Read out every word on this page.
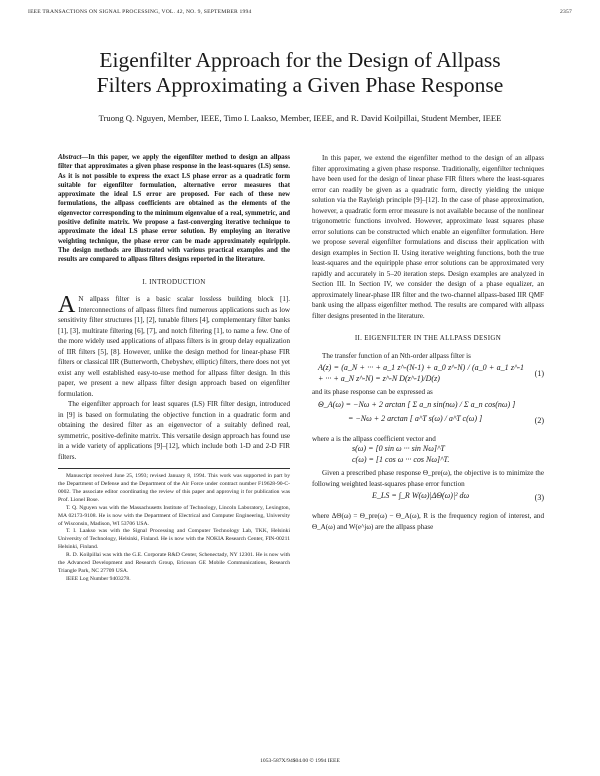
IEEE TRANSACTIONS ON SIGNAL PROCESSING, VOL. 42, NO. 9, SEPTEMBER 1994	2357
Eigenfilter Approach for the Design of Allpass
Filters Approximating a Given Phase Response
Truong Q. Nguyen, Member, IEEE, Timo I. Laakso, Member, IEEE, and R. David Koilpillai, Student Member, IEEE

Abstract—In this paper, we apply the eigenfilter method to design an allpass filter that approximates a given phase response in the least-squares (LS) sense. As it is not possible to express the exact LS phase error as a quadratic form suitable for eigenfilter formulation, alternative error measures that approximate the ideal LS error are proposed. For each of these new formulations, the allpass coefficients are obtained as the elements of the eigenvector corresponding to the minimum eigenvalue of a real, symmetric, and positive definite matrix. We propose a fast-converging iterative technique to approximate the ideal LS phase error solution. By employing an iterative weighting technique, the phase error can be made approximately equiripple. The design methods are illustrated with various practical examples and the results are compared to allpass filters designs reported in the literature.

I. INTRODUCTION

A N allpass filter is a basic scalar lossless building block [1]. Interconnections of allpass filters find numerous applications such as low sensitivity filter structures [1], [2], tunable filters [4], complementary filter banks [1], [3], multirate filtering [6], [7], and notch filtering [1], to name a few. One of the more widely used applications of allpass filters is in group delay equalization of IIR filters [5], [8]. However, unlike the design method for linear-phase FIR filters or classical IIR (Butterworth, Chebyshev, elliptic) filters, there does not yet exist any well established easy-to-use method for allpass filter design. In this paper, we present a new allpass filter design approach based on eigenfilter formulation.

The eigenfilter approach for least squares (LS) FIR filter design, introduced in [9] is based on formulating the objective function in a quadratic form and obtaining the desired filter as an eigenvector of a suitably defined real, symmetric, positive-definite matrix. This versatile design approach has found use in a wide variety of applications [9]–[12], which include both 1-D and 2-D FIR filters.

Manuscript received June 25, 1993; revised January 8, 1994. This work was supported in part by the Department of Defense and the Department of the Air Force under contract number F19628-90-C-0002. The associate editor coordinating the review of this paper and approving it for publication was Prof. Lionel Bose.

T. Q. Nguyen was with the Massachusetts Institute of Technology, Lincoln Laboratory, Lexington, MA 02173-9108. He is now with the Department of Electrical and Computer Engineering, University of Wisconsin, Madison, WI 53706 USA.

T. I. Laakso was with the Signal Processing and Computer Technology Lab, TKK, Helsinki University of Technology, Helsinki, Finland. He is now with the NOKIA Research Center, FIN-00211 Helsinki, Finland.

R. D. Koilpillai was with the G.E. Corporate R&D Center, Schenectady, NY 12301. He is now with the Advanced Development and Research Group, Ericsson GE Mobile Communications, Research Triangle Park, NC 27709 USA.

IEEE Log Number 9403278.

In this paper, we extend the eigenfilter method to the design of an allpass filter approximating a given phase response. Traditionally, eigenfilter techniques have been used for the design of linear phase FIR filters where the least-squares error can readily be given as a quadratic form, directly yielding the unique solution via the Rayleigh principle [9]–[12]. In the case of phase approximation, however, a quadratic form error measure is not available because of the nonlinear trigonometric functions involved. However, approximate least squares phase error solutions can be constructed which enable an eigenfilter formulation. Here we propose several eigenfilter formulations and discuss their application with design examples in Section II. Using iterative weighting functions, both the true least-squares and the equiripple phase error solutions can be approximated very rapidly and accurately in 5–20 iteration steps. Design examples are analyzed in Section III. In Section IV, we consider the design of a phase equalizer, an approximately linear-phase IIR filter and the two-channel allpass-based IIR QMF bank using the allpass eigenfilter method. The results are compared with allpass filter designs presented in the literature.

II. EIGENFILTER IN THE ALLPASS DESIGN

The transfer function of an Nth-order allpass filter is

A(z) = (a_N + ··· + a_1 z^-(N-1) + a_0 z^-N) / (a_0 + a_1 z^-1 + ··· + a_N z^-N) = z^-N D(z^-1)/D(z)	(1)

and its phase response can be expressed as

Θ_A(ω) = −Nω + 2 arctan [ Σ a_n sin(nω) / Σ a_n cos(nω) ]
= −Nω + 2 arctan [ a^T s(ω) / a^T c(ω) ]	(2)

where a is the allpass coefficient vector and

s(ω) = [0 sin ω ··· sin Nω]^T
c(ω) = [1 cos ω ··· cos Nω]^T.

Given a prescribed phase response Θ_pre(ω), the objective is to minimize the following weighted least-squares phase error function

E_LS = ∫_R W(ω)|ΔΘ(ω)|² dω	(3)

where ΔΘ(ω) = Θ_pre(ω) − Θ_A(ω), R is the frequency region of interest, and Θ_A(ω) and W(e^jω) are the allpass phase

1053-587X/94$04.00 © 1994 IEEE
